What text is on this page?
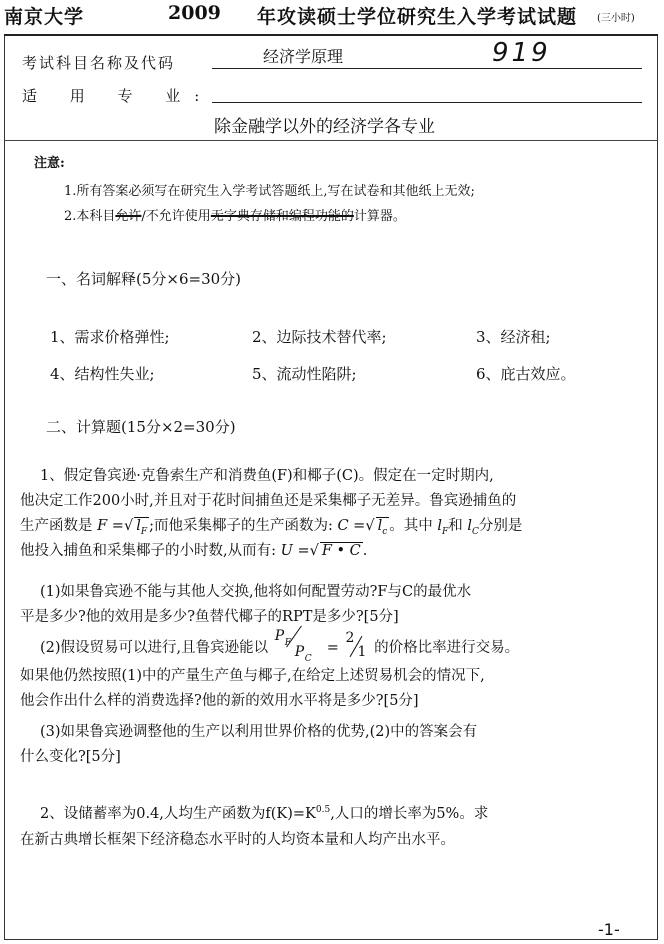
南京大学	2009 年攻读硕士学位研究生入学考试试题 (三小时)
考试科目名称及代码	经济学原理	919
适 用 专 业:
除金融学以外的经济学各专业
注意:
1.所有答案必须写在研究生入学考试答题纸上,写在试卷和其他纸上无效;
2.本科目允许/不允许使用无字典存储和编程功能的计算器。
一、名词解释(5分×6=30分)
1、需求价格弹性;	2、边际技术替代率;	3、经济租;
4、结构性失业;	5、流动性陷阱;	6、庇古效应。
二、计算题(15分×2=30分)
1、假定鲁宾逊·克鲁索生产和消费鱼(F)和椰子(C)。假定在一定时期内,
他决定工作200小时,并且对于花时间捕鱼还是采集椰子无差异。鲁宾逊捕鱼的
生产函数是 F =√ $l_F$ ;而他采集椰子的生产函数为: C =√ $l_c$ 。其中 $l_F$和 $l_C$分别是
他投入捕鱼和采集椰子的小时数,从而有: U =√ F • C .
(1)如果鲁宾逊不能与其他人交换,他将如何配置劳动?F与C的最优水
平是多少?他的效用是多少?鱼替代椰子的RPT是多少?[5分]
(2)假设贸易可以进行,且鲁宾逊能以
P F
P C
=
2
1 的价格比率进行交易。
如果他仍然按照(1)中的产量生产鱼与椰子,在给定上述贸易机会的情况下,
他会作出什么样的消费选择?他的新的效用水平将是多少?[5分]
(3)如果鲁宾逊调整他的生产以利用世界价格的优势,(2)中的答案会有
什么变化?[5分]
2、设储蓄率为0.4,人均生产函数为$f(K)=K^{0.5}$,人口的增长率为5%。求
在新古典增长框架下经济稳态水平时的人均资本量和人均产出水平。
-1-
